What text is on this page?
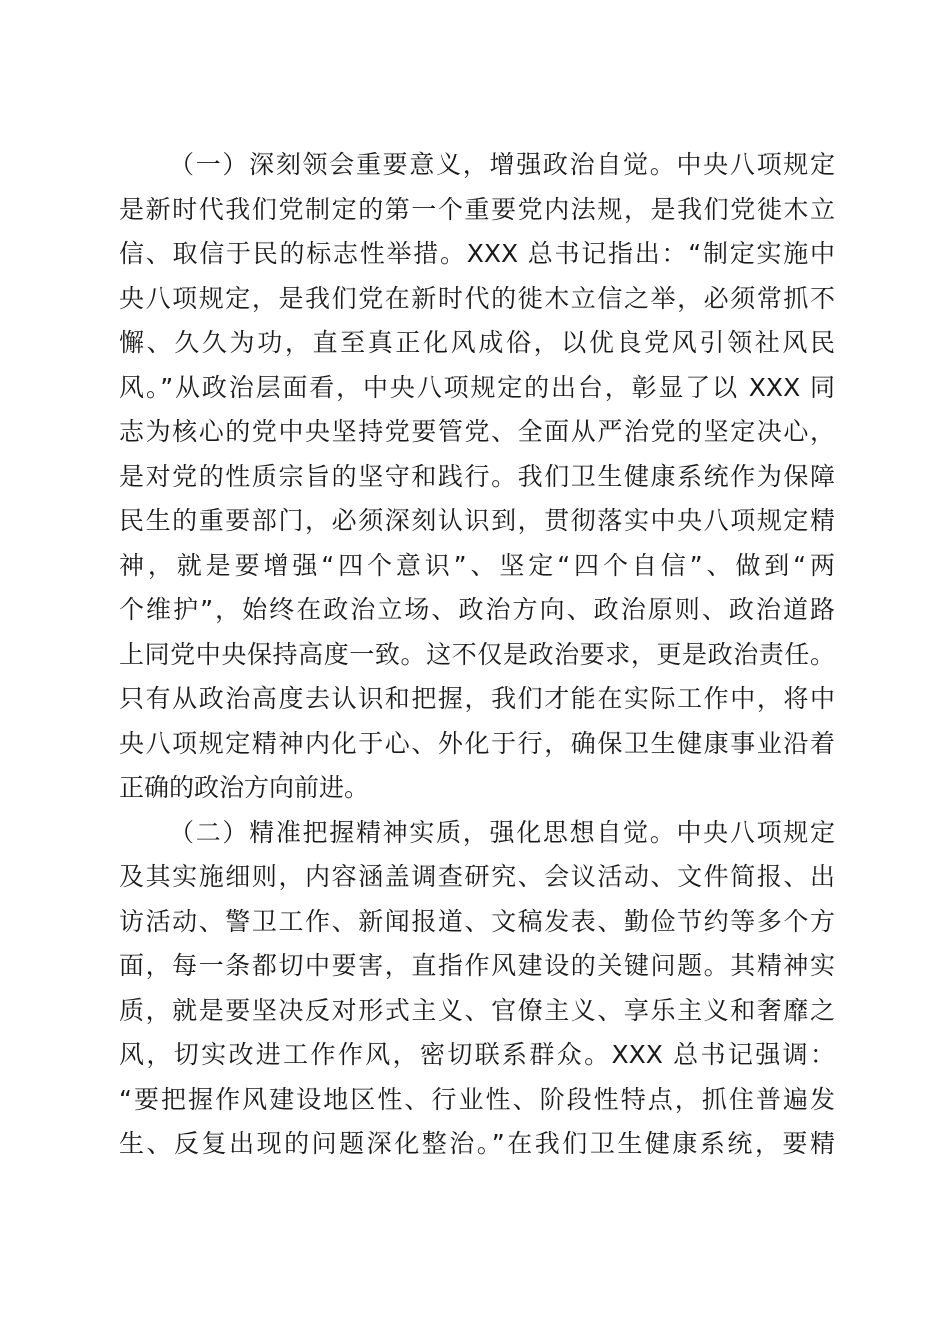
（一）深刻领会重要意义，增强政治自觉。中央八项规定
是新时代我们党制定的第一个重要党内法规，是我们党徙木立
信、取信于民的标志性举措。XXX 总书记指出：“制定实施中
央八项规定，是我们党在新时代的徙木立信之举，必须常抓不
懈、久久为功，直至真正化风成俗，以优良党风引领社风民
风。”从政治层面看，中央八项规定的出台，彰显了以 XXX 同
志为核心的党中央坚持党要管党、全面从严治党的坚定决心，
是对党的性质宗旨的坚守和践行。我们卫生健康系统作为保障
民生的重要部门，必须深刻认识到，贯彻落实中央八项规定精
神，就是要增强“四个意识”、坚定“四个自信”、做到“两
个维护”，始终在政治立场、政治方向、政治原则、政治道路
上同党中央保持高度一致。这不仅是政治要求，更是政治责任。
只有从政治高度去认识和把握，我们才能在实际工作中，将中
央八项规定精神内化于心、外化于行，确保卫生健康事业沿着
正确的政治方向前进。
（二）精准把握精神实质，强化思想自觉。中央八项规定
及其实施细则，内容涵盖调查研究、会议活动、文件简报、出
访活动、警卫工作、新闻报道、文稿发表、勤俭节约等多个方
面，每一条都切中要害，直指作风建设的关键问题。其精神实
质，就是要坚决反对形式主义、官僚主义、享乐主义和奢靡之
风，切实改进工作作风，密切联系群众。XXX 总书记强调：
“要把握作风建设地区性、行业性、阶段性特点，抓住普遍发
生、反复出现的问题深化整治。”在我们卫生健康系统，要精
